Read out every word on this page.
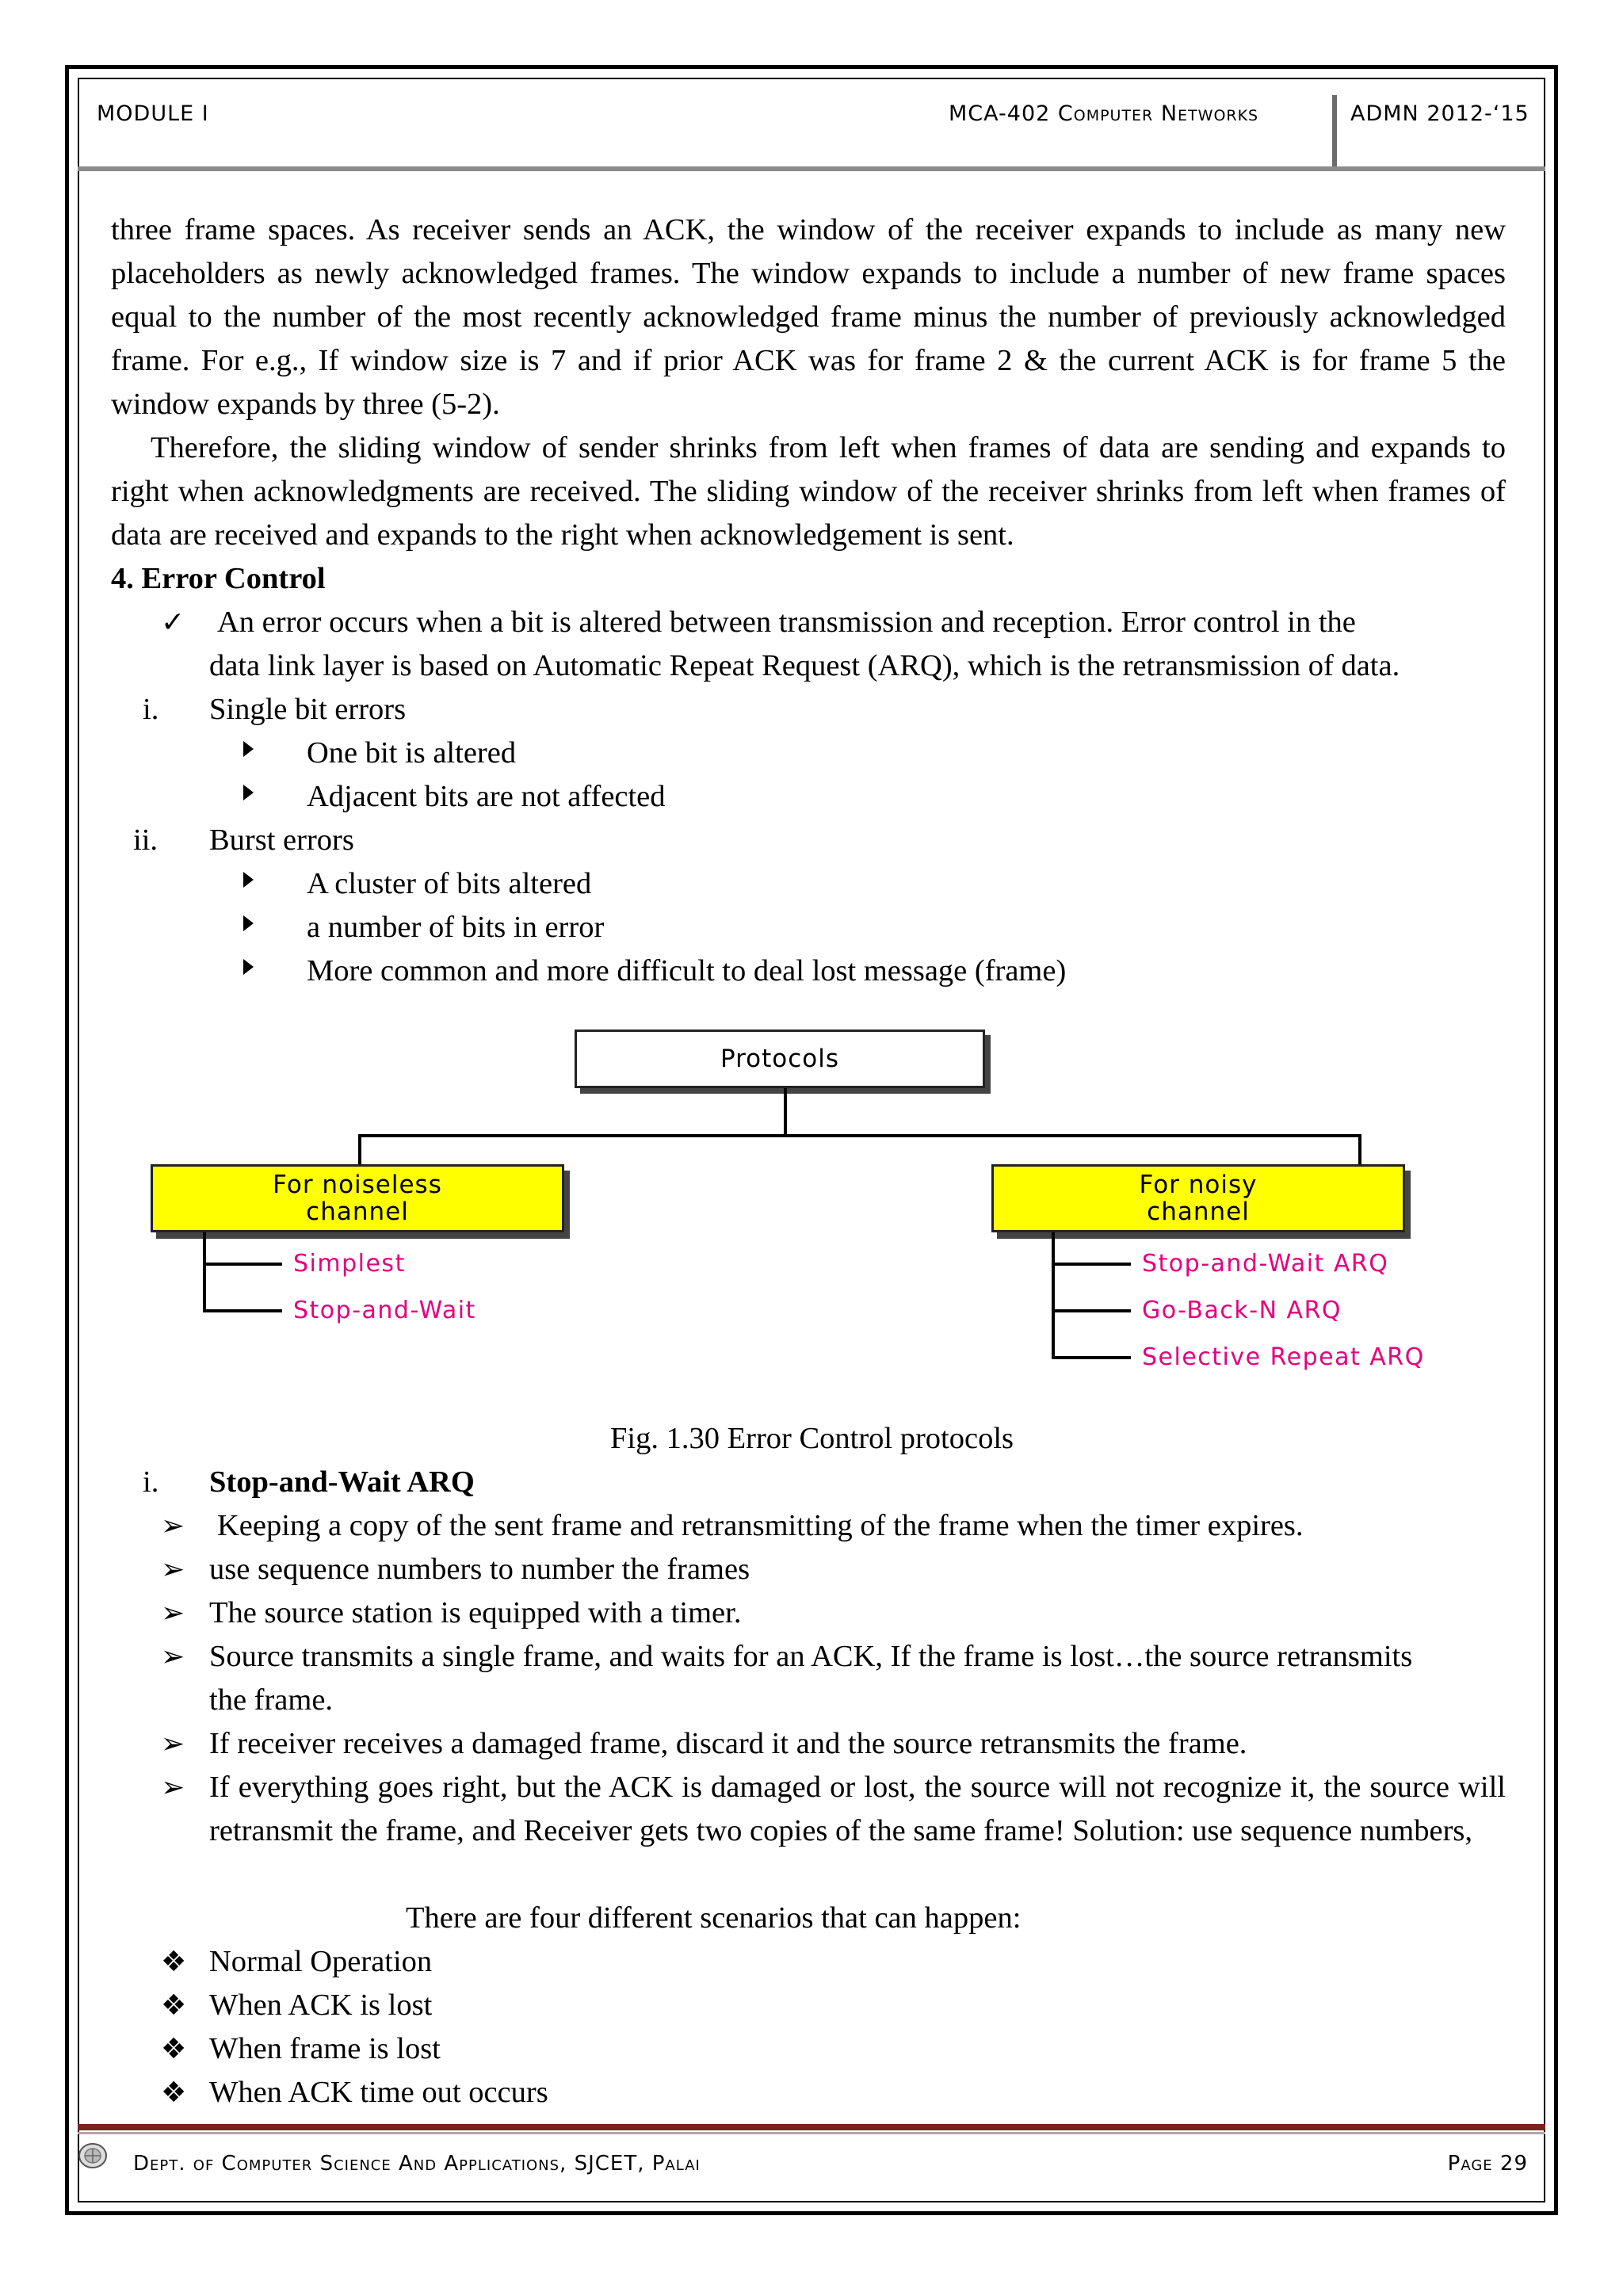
MODULE I	MCA-402 Computer Networks	ADMN 2012-‘15

three frame spaces. As receiver sends an ACK, the window of the receiver expands to include as many new placeholders as newly acknowledged frames. The window expands to include a number of new frame spaces equal to the number of the most recently acknowledged frame minus the number of previously acknowledged frame. For e.g., If window size is 7 and if prior ACK was for frame 2 & the current ACK is for frame 5 the window expands by three (5-2).

Therefore, the sliding window of sender shrinks from left when frames of data are sending and expands to right when acknowledgments are received. The sliding window of the receiver shrinks from left when frames of data are received and expands to the right when acknowledgement is sent.

4. Error Control
✓ An error occurs when a bit is altered between transmission and reception. Error control in the
data link layer is based on Automatic Repeat Request (ARQ), which is the retransmission of data.
i. Single bit errors
One bit is altered
Adjacent bits are not affected
ii. Burst errors
A cluster of bits altered
a number of bits in error
More common and more difficult to deal lost message (frame)
Protocols
For noiseless
channel
For noisy
channel
Simplest
Stop-and-Wait
Stop-and-Wait ARQ
Go-Back-N ARQ
Selective Repeat ARQ
Fig. 1.30 Error Control protocols
i. Stop-and-Wait ARQ
➢ Keeping a copy of the sent frame and retransmitting of the frame when the timer expires.
➢ use sequence numbers to number the frames
➢ The source station is equipped with a timer.
➢ Source transmits a single frame, and waits for an ACK, If the frame is lost…the source retransmits
the frame.
➢ If receiver receives a damaged frame, discard it and the source retransmits the frame.
➢ If everything goes right, but the ACK is damaged or lost, the source will not recognize it, the source will retransmit the frame, and Receiver gets two copies of the same frame! Solution: use sequence numbers,

There are four different scenarios that can happen:
❖ Normal Operation
❖ When ACK is lost
❖ When frame is lost
❖ When ACK time out occurs
Dept. of Computer Science And Applications, SJCET, Palai	Page 29
